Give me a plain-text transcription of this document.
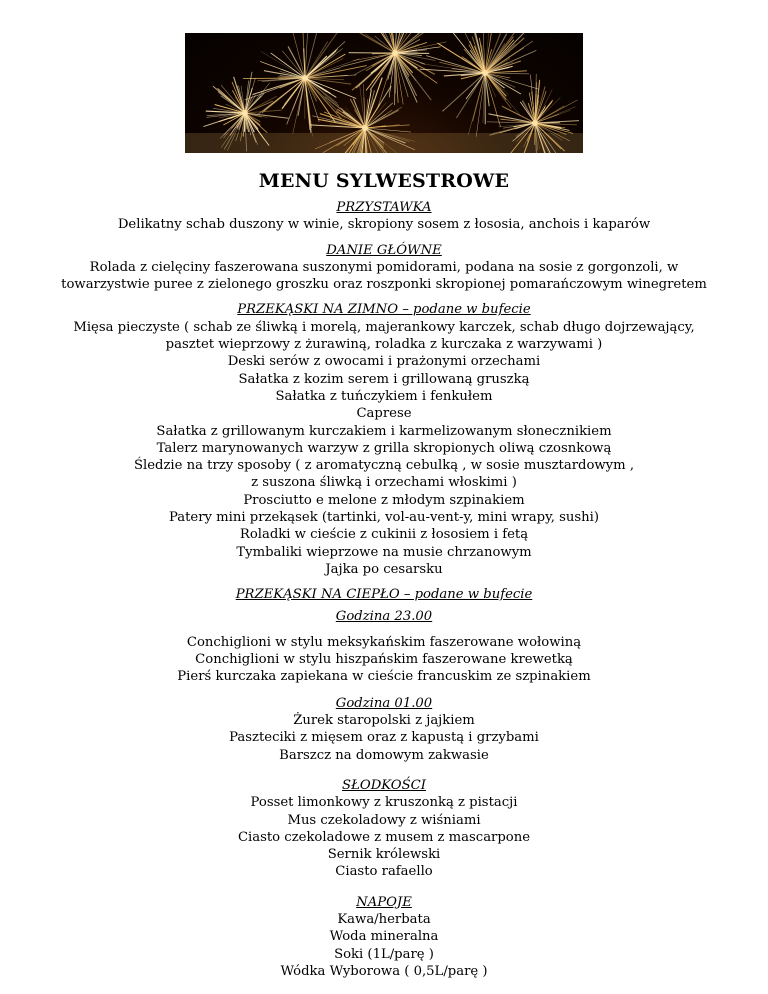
MENU SYLWESTROWE
PRZYSTAWKA
Delikatny schab duszony w winie, skropiony sosem z łososia, anchois i kaparów
DANIE GŁÓWNE
Rolada z cielęciny faszerowana suszonymi pomidorami, podana na sosie z gorgonzoli, w
towarzystwie puree z zielonego groszku oraz roszponki skropionej pomarańczowym winegretem
PRZEKĄSKI NA ZIMNO – podane w bufecie
Mięsa pieczyste ( schab ze śliwką i morelą, majerankowy karczek, schab długo dojrzewający,
pasztet wieprzowy z żurawiną, roladka z kurczaka z warzywami )
Deski serów z owocami i prażonymi orzechami
Sałatka z kozim serem i grillowaną gruszką
Sałatka z tuńczykiem i fenkułem
Caprese
Sałatka z grillowanym kurczakiem i karmelizowanym słonecznikiem
Talerz marynowanych warzyw z grilla skropionych oliwą czosnkową
Śledzie na trzy sposoby ( z aromatyczną cebulką , w sosie musztardowym ,
z suszona śliwką i orzechami włoskimi )
Prosciutto e melone z młodym szpinakiem
Patery mini przekąsek (tartinki, vol-au-vent-y, mini wrapy, sushi)
Roladki w cieście z cukinii z łososiem i fetą
Tymbaliki wieprzowe na musie chrzanowym
Jajka po cesarsku
PRZEKĄSKI NA CIEPŁO – podane w bufecie
Godzina 23.00
Conchiglioni w stylu meksykańskim faszerowane wołowiną
Conchiglioni w stylu hiszpańskim faszerowane krewetką
Pierś kurczaka zapiekana w cieście francuskim ze szpinakiem
Godzina 01.00
Żurek staropolski z jajkiem
Paszteciki z mięsem oraz z kapustą i grzybami
Barszcz na domowym zakwasie
SŁODKOŚCI
Posset limonkowy z kruszonką z pistacji
Mus czekoladowy z wiśniami
Ciasto czekoladowe z musem z mascarpone
Sernik królewski
Ciasto rafaello
NAPOJE
Kawa/herbata
Woda mineralna
Soki (1L/parę )
Wódka Wyborowa ( 0,5L/parę )
